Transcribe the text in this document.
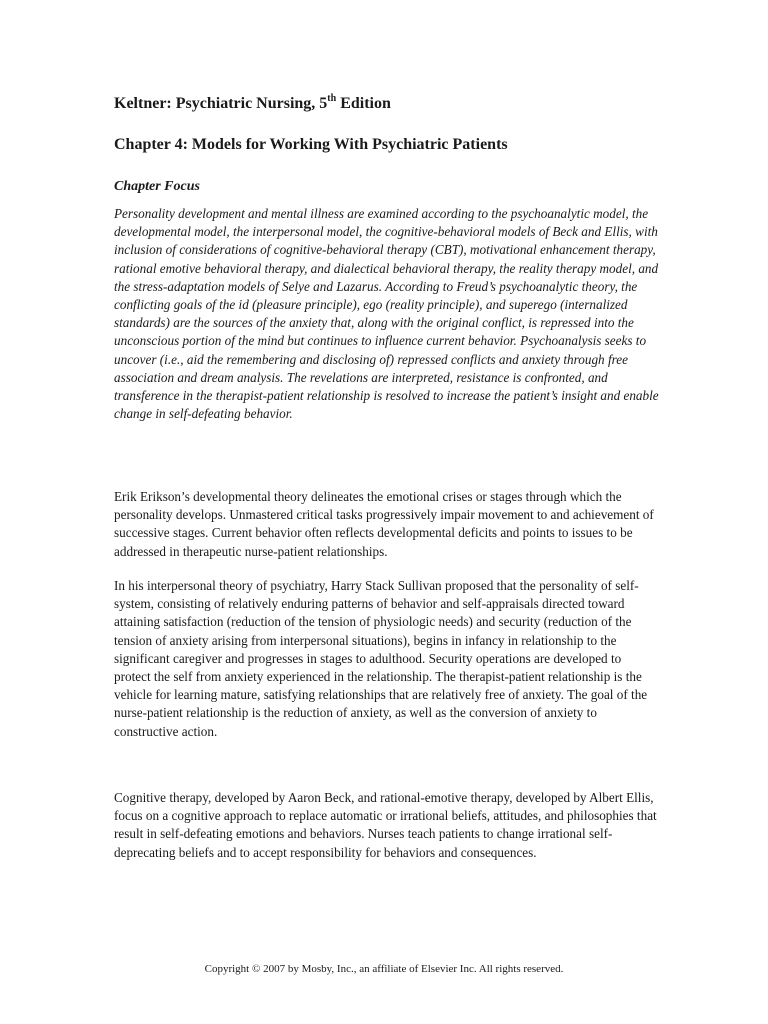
Keltner: Psychiatric Nursing, 5th Edition
Chapter 4: Models for Working With Psychiatric Patients
Chapter Focus

Personality development and mental illness are examined according to the psychoanalytic model, the developmental model, the interpersonal model, the cognitive-behavioral models of Beck and Ellis, with inclusion of considerations of cognitive-behavioral therapy (CBT), motivational enhancement therapy, rational emotive behavioral therapy, and dialectical behavioral therapy, the reality therapy model, and the stress-adaptation models of Selye and Lazarus. According to Freud’s psychoanalytic theory, the conflicting goals of the id (pleasure principle), ego (reality principle), and superego (internalized standards) are the sources of the anxiety that, along with the original conflict, is repressed into the unconscious portion of the mind but continues to influence current behavior. Psychoanalysis seeks to uncover (i.e., aid the remembering and disclosing of) repressed conflicts and anxiety through free association and dream analysis. The revelations are interpreted, resistance is confronted, and transference in the therapist-patient relationship is resolved to increase the patient’s insight and enable change in self-defeating behavior.

Erik Erikson’s developmental theory delineates the emotional crises or stages through which the personality develops. Unmastered critical tasks progressively impair movement to and achievement of successive stages. Current behavior often reflects developmental deficits and points to issues to be addressed in therapeutic nurse-patient relationships.

In his interpersonal theory of psychiatry, Harry Stack Sullivan proposed that the personality of self-system, consisting of relatively enduring patterns of behavior and self-appraisals directed toward attaining satisfaction (reduction of the tension of physiologic needs) and security (reduction of the tension of anxiety arising from interpersonal situations), begins in infancy in relationship to the significant caregiver and progresses in stages to adulthood. Security operations are developed to protect the self from anxiety experienced in the relationship. The therapist-patient relationship is the vehicle for learning mature, satisfying relationships that are relatively free of anxiety. The goal of the nurse-patient relationship is the reduction of anxiety, as well as the conversion of anxiety to constructive action.

Cognitive therapy, developed by Aaron Beck, and rational-emotive therapy, developed by Albert Ellis, focus on a cognitive approach to replace automatic or irrational beliefs, attitudes, and philosophies that result in self-defeating emotions and behaviors. Nurses teach patients to change irrational self-deprecating beliefs and to accept responsibility for behaviors and consequences.

Copyright © 2007 by Mosby, Inc., an affiliate of Elsevier Inc. All rights reserved.
